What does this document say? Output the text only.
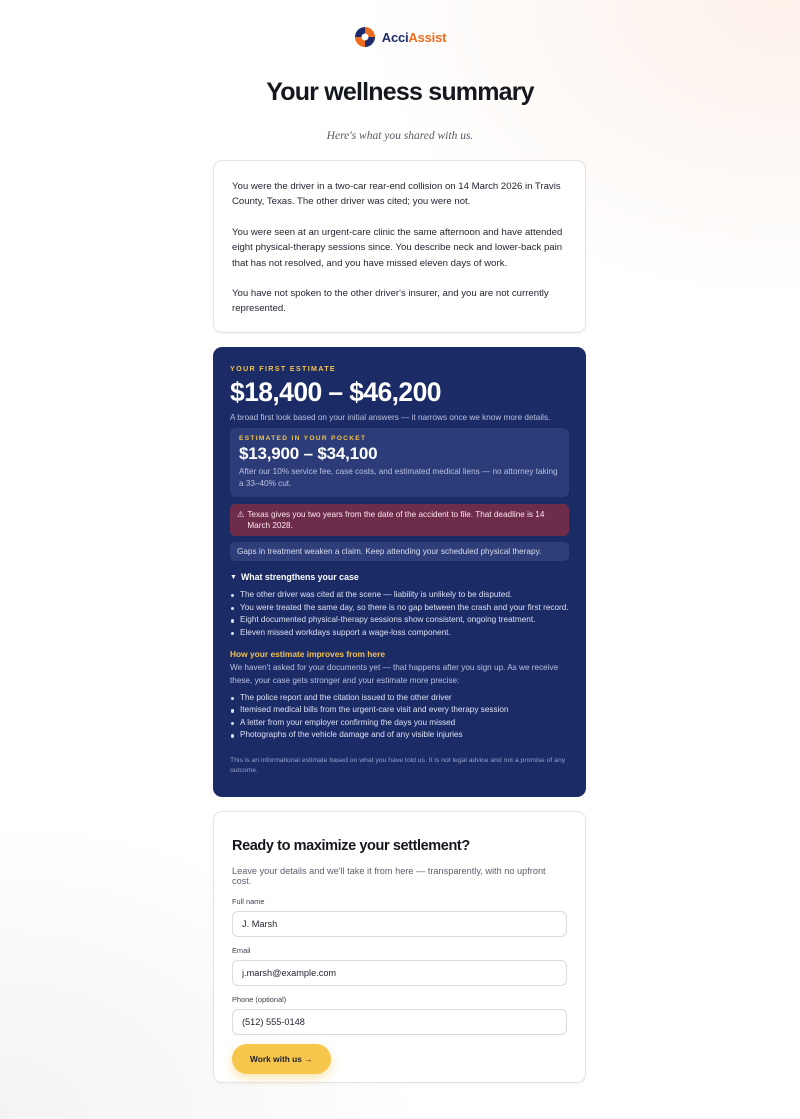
AcciAssist
Your wellness summary
Here's what you shared with us.

You were the driver in a two-car rear-end collision on 14 March 2026 in Travis County, Texas. The other driver was cited; you were not.

You were seen at an urgent-care clinic the same afternoon and have attended eight physical-therapy sessions since. You describe neck and lower-back pain that has not resolved, and you have missed eleven days of work.

You have not spoken to the other driver's insurer, and you are not currently represented.

YOUR FIRST ESTIMATE
$18,400 – $46,200
A broad first look based on your initial answers — it narrows once we know more details.
ESTIMATED IN YOUR POCKET
$13,900 – $34,100
After our 10% service fee, case costs, and estimated medical liens — no attorney taking a 33–40% cut.
⚠ Texas gives you two years from the date of the accident to file. That deadline is 14 March 2028.
Gaps in treatment weaken a claim. Keep attending your scheduled physical therapy.
▼ What strengthens your case
The other driver was cited at the scene — liability is unlikely to be disputed.
You were treated the same day, so there is no gap between the crash and your first record.
Eight documented physical-therapy sessions show consistent, ongoing treatment.
Eleven missed workdays support a wage-loss component.
How your estimate improves from here
We haven't asked for your documents yet — that happens after you sign up. As we receive these, your case gets stronger and your estimate more precise:
The police report and the citation issued to the other driver
Itemised medical bills from the urgent-care visit and every therapy session
A letter from your employer confirming the days you missed
Photographs of the vehicle damage and of any visible injuries
This is an informational estimate based on what you have told us. It is not legal advice and not a promise of any outcome.
Ready to maximize your settlement?
Leave your details and we'll take it from here — transparently, with no upfront cost.
Full name
J. Marsh
Email
j.marsh@example.com
Phone (optional)
(512) 555-0148 Work with us →
